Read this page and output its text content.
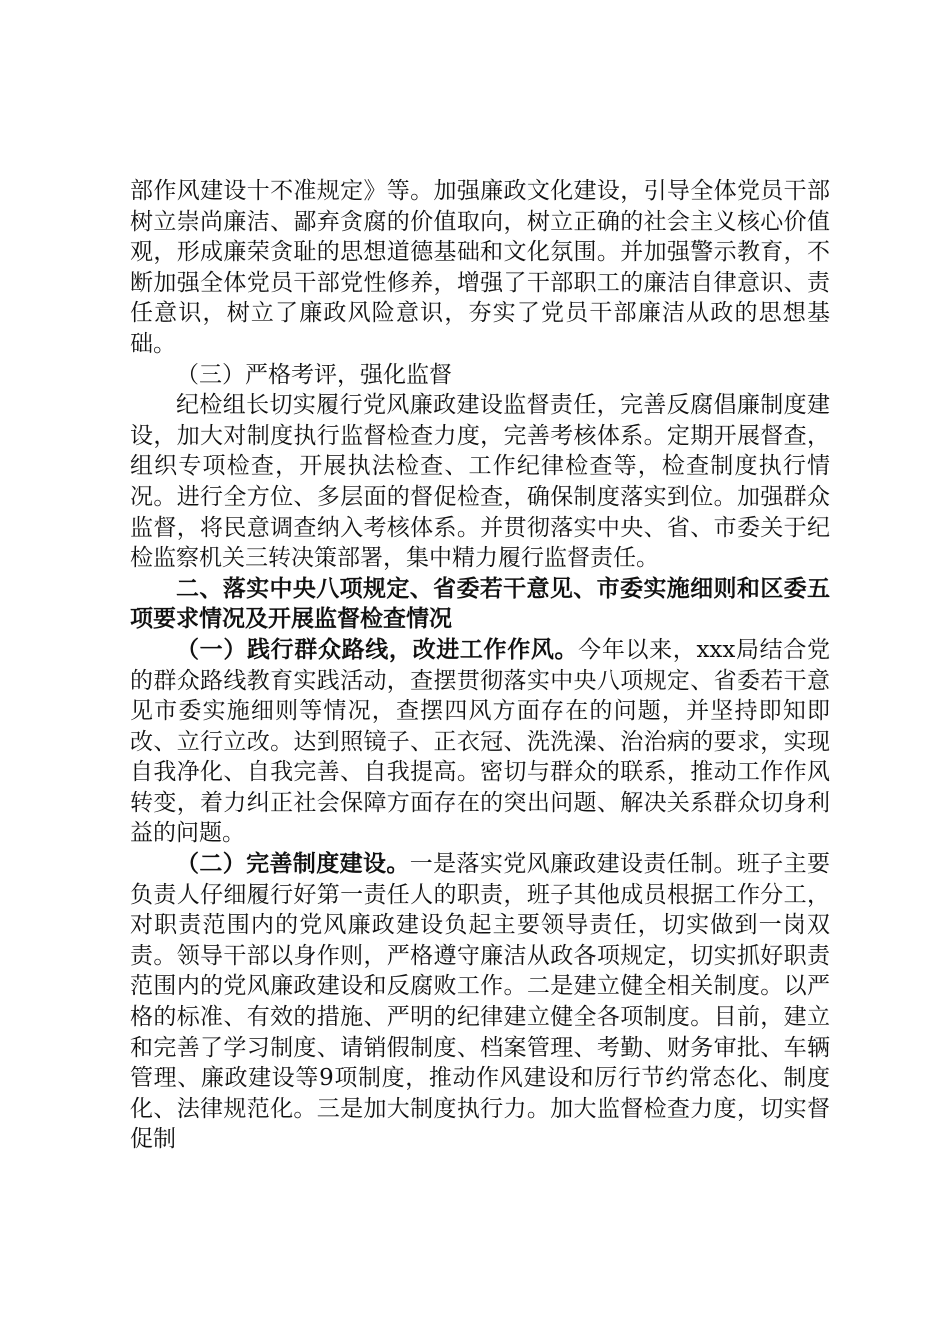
部作风建设十不准规定》等。加强廉政文化建设，引导全体党员干部树立崇尚廉洁、鄙弃贪腐的价值取向，树立正确的社会主义核心价值观，形成廉荣贪耻的思想道德基础和文化氛围。并加强警示教育，不断加强全体党员干部党性修养，增强了干部职工的廉洁自律意识、责任意识，树立了廉政风险意识，夯实了党员干部廉洁从政的思想基础。

（三）严格考评，强化监督

纪检组长切实履行党风廉政建设监督责任，完善反腐倡廉制度建设，加大对制度执行监督检查力度，完善考核体系。定期开展督查，组织专项检查，开展执法检查、工作纪律检查等，检查制度执行情况。进行全方位、多层面的督促检查，确保制度落实到位。加强群众监督，将民意调查纳入考核体系。并贯彻落实中央、省、市委关于纪检监察机关三转决策部署，集中精力履行监督责任。

二、落实中央八项规定、省委若干意见、市委实施细则和区委五项要求情况及开展监督检查情况

（一）践行群众路线，改进工作作风。今年以来，xxx局结合党的群众路线教育实践活动，查摆贯彻落实中央八项规定、省委若干意见市委实施细则等情况，查摆四风方面存在的问题，并坚持即知即改、立行立改。达到照镜子、正衣冠、洗洗澡、治治病的要求，实现自我净化、自我完善、自我提高。密切与群众的联系，推动工作作风转变，着力纠正社会保障方面存在的突出问题、解决关系群众切身利益的问题。

（二）完善制度建设。一是落实党风廉政建设责任制。班子主要负责人仔细履行好第一责任人的职责，班子其他成员根据工作分工，对职责范围内的党风廉政建设负起主要领导责任，切实做到一岗双责。领导干部以身作则，严格遵守廉洁从政各项规定，切实抓好职责范围内的党风廉政建设和反腐败工作。二是建立健全相关制度。以严格的标准、有效的措施、严明的纪律建立健全各项制度。目前，建立和完善了学习制度、请销假制度、档案管理、考勤、财务审批、车辆管理、廉政建设等9项制度，推动作风建设和厉行节约常态化、制度化、法律规范化。三是加大制度执行力。加大监督检查力度，切实督促制
